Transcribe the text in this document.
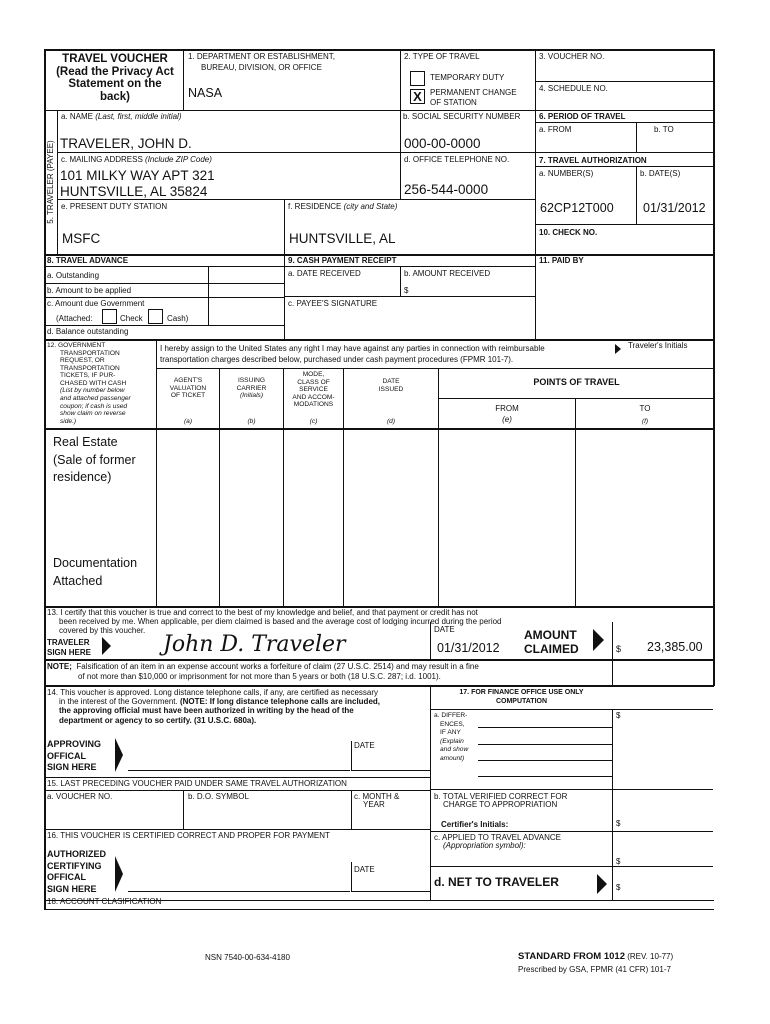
TRAVEL VOUCHER
(Read the Privacy Act
Statement on the
back)
1. DEPARTMENT OR ESTABLISHMENT,
BUREAU, DIVISION, OR OFFICE
NASA
2. TYPE OF TRAVEL
TEMPORARY DUTY
X	PERMANENT CHANGE
OF STATION
3. VOUCHER NO.
4. SCHEDULE NO.
5. TRAVELER (PAYEE)
a. NAME (Last, first, middle initial)
TRAVELER, JOHN D.
b. SOCIAL SECURITY NUMBER
000-00-0000
6. PERIOD OF TRAVEL
a. FROM	b. TO
c. MAILING ADDRESS (Include ZIP Code)
101 MILKY WAY APT 321
HUNTSVILLE, AL 35824
d. OFFICE TELEPHONE NO.
256-544-0000
7. TRAVEL AUTHORIZATION
a. NUMBER(S)	b. DATE(S)
62CP12T000 01/31/2012
e. PRESENT DUTY STATION
MSFC
f. RESIDENCE (city and State)
HUNTSVILLE, AL	10. CHECK NO.
11. PAID BY
8. TRAVEL ADVANCE
a. Outstanding
b. Amount to be applied
c. Amount due Government
(Attached:	Check	Cash)
d. Balance outstanding
9. CASH PAYMENT RECEIPT
a. DATE RECEIVED	b. AMOUNT RECEIVED
$
c. PAYEE'S SIGNATURE
12. GOVERNMENT
TRANSPORTATION
REQUEST, OR
TRANSPORTATION
TICKETS, IF PUR-
CHASED WITH CASH
(List by number below
and attached passenger
coupon; if cash is used
show claim on reverse
side.)
I hereby assign to the United States any right I may have against any parties in connection with reimbursable
transportation charges described below, purchased under cash payment procedures (FPMR 101-7).
Traveler's Initials
AGENT'S
VALUATION
OF TICKET
ISSUING
CARRIER
(Initials)
MODE,
CLASS OF
SERVICE
AND ACCOM-
MODATIONS
DATE
ISSUED
POINTS OF TRAVEL
FROM	TO
(a)	(b)	(c)	(d)	(e)	(f)
Real Estate
(Sale of former
residence)
Documentation
Attached
13. I certify that this voucher is true and correct to the best of my knowledge and belief, and that payment or credit has not
been received by me. When applicable, per diem claimed is based and the average cost of lodging incurred during the period
covered by this voucher.
TRAVELER
SIGN HERE	John D. Traveler
DATE
01/31/2012
AMOUNT
CLAIMED	$ 23,385.00
NOTE; Falsification of an item in an expense account works a forfeiture of claim (27 U.S.C. 2514) and may result in a fine
of not more than $10,000 or imprisonment for not more than 5 years or both (18 U.S.C. 287; i.d. 1001).
14. This voucher is approved. Long distance telephone calls, if any, are certified as necessary
in the interest of the Government. (NOTE: If long distance telephone calls are included,
the approving official must have been authorized in writing by the head of the
department or agency to so certify. (31 U.S.C. 680a).
APPROVING
OFFICAL
SIGN HERE
DATE
17. FOR FINANCE OFFICE USE ONLY
COMPUTATION
a. DIFFER-
ENCES,
IF ANY
(Explain
and show
amount)
$
b. TOTAL VERIFIED CORRECT FOR
CHARGE TO APPROPRIATION
Certifier's Initials:	$
c. APPLIED TO TRAVEL ADVANCE
(Appropriation symbol):
$
d. NET TO TRAVELER	$
15. LAST PRECEDING VOUCHER PAID UNDER SAME TRAVEL AUTHORIZATION
a. VOUCHER NO.	b. D.O. SYMBOL	c. MONTH &
YEAR
16. THIS VOUCHER IS CERTIFIED CORRECT AND PROPER FOR PAYMENT
AUTHORIZED
CERTIFYING
OFFICAL
SIGN HERE
DATE
18. ACCOUNT CLASIFICATION
NSN 7540-00-634-4180	STANDARD FROM 1012 (REV. 10-77)
Prescribed by GSA, FPMR (41 CFR) 101-7
